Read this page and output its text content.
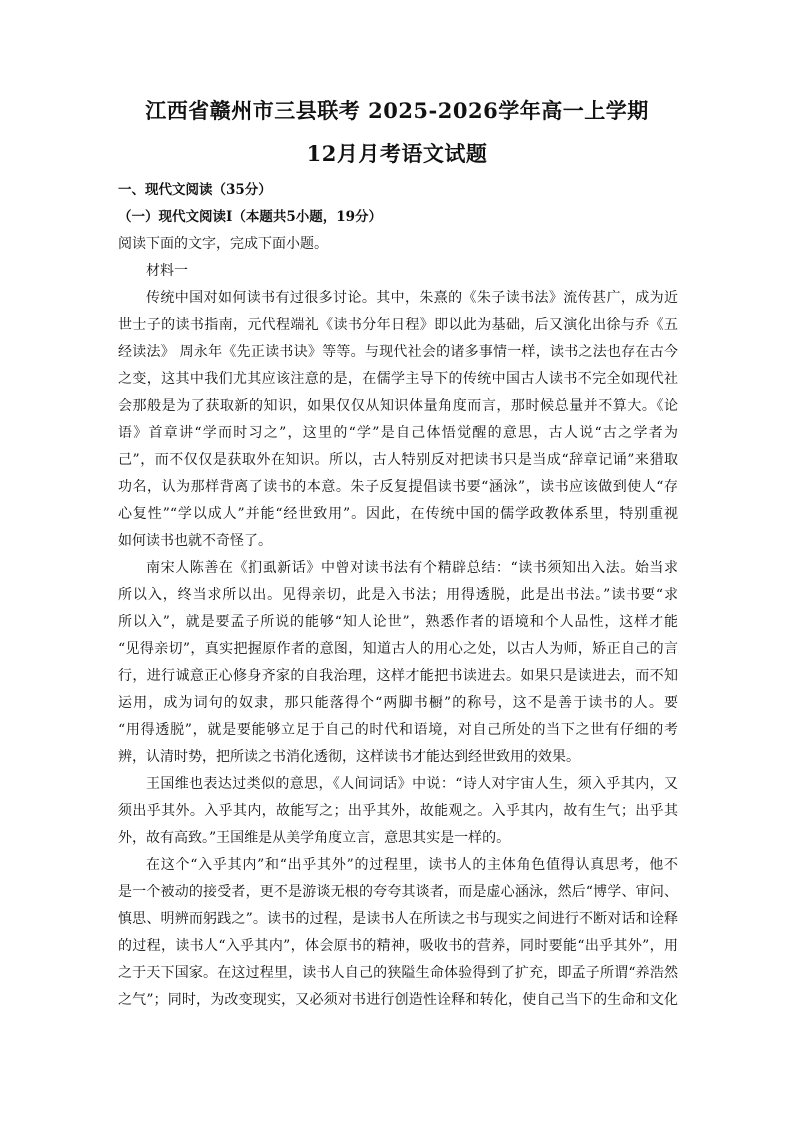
江西省赣州市三县联考 2025-2026学年高一上学期
12月月考语文试题
一、现代文阅读（35分）
（一）现代文阅读Ⅰ（本题共5小题，19分）
阅读下面的文字，完成下面小题。
材料一
传统中国对如何读书有过很多讨论。其中，朱熹的《朱子读书法》流传甚广，成为近
世士子的读书指南，元代程端礼《读书分年日程》即以此为基础，后又演化出徐与乔《五
经读法》 周永年《先正读书诀》等等。与现代社会的诸多事情一样，读书之法也存在古今
之变，这其中我们尤其应该注意的是，在儒学主导下的传统中国古人读书不完全如现代社
会那般是为了获取新的知识，如果仅仅从知识体量角度而言，那时候总量并不算大。《论
语》首章讲“学而时习之”，这里的“学”是自己体悟觉醒的意思，古人说“古之学者为
己”，而不仅仅是获取外在知识。所以，古人特别反对把读书只是当成“辞章记诵”来猎取
功名，认为那样背离了读书的本意。朱子反复提倡读书要“涵泳”，读书应该做到使人“存
心复性”“学以成人”并能“经世致用”。因此，在传统中国的儒学政教体系里，特别重视
如何读书也就不奇怪了。
南宋人陈善在《扪虱新话》中曾对读书法有个精辟总结：“读书须知出入法。始当求
所以入，终当求所以出。见得亲切，此是入书法；用得透脱，此是出书法。”读书要“求
所以入”，就是要孟子所说的能够“知人论世”，熟悉作者的语境和个人品性，这样才能
“见得亲切”，真实把握原作者的意图，知道古人的用心之处，以古人为师，矫正自己的言
行，进行诚意正心修身齐家的自我治理，这样才能把书读进去。如果只是读进去，而不知
运用，成为词句的奴隶，那只能落得个“两脚书橱”的称号，这不是善于读书的人。要
“用得透脱”，就是要能够立足于自己的时代和语境，对自己所处的当下之世有仔细的考
辨，认清时势，把所读之书消化透彻，这样读书才能达到经世致用的效果。
王国维也表达过类似的意思，《人间词话》中说：“诗人对宇宙人生，须入乎其内，又
须出乎其外。入乎其内，故能写之；出乎其外，故能观之。入乎其内，故有生气；出乎其
外，故有高致。”王国维是从美学角度立言，意思其实是一样的。
在这个“入乎其内”和“出乎其外”的过程里，读书人的主体角色值得认真思考，他不
是一个被动的接受者，更不是游谈无根的夸夸其谈者，而是虚心涵泳，然后“博学、审问、
慎思、明辨而躬践之”。读书的过程，是读书人在所读之书与现实之间进行不断对话和诠释
的过程，读书人“入乎其内”，体会原书的精神，吸收书的营养，同时要能“出乎其外”，用
之于天下国家。在这过程里，读书人自己的狭隘生命体验得到了扩充，即孟子所谓“养浩然
之气”；同时，为改变现实，又必须对书进行创造性诠释和转化，使自己当下的生命和文化
